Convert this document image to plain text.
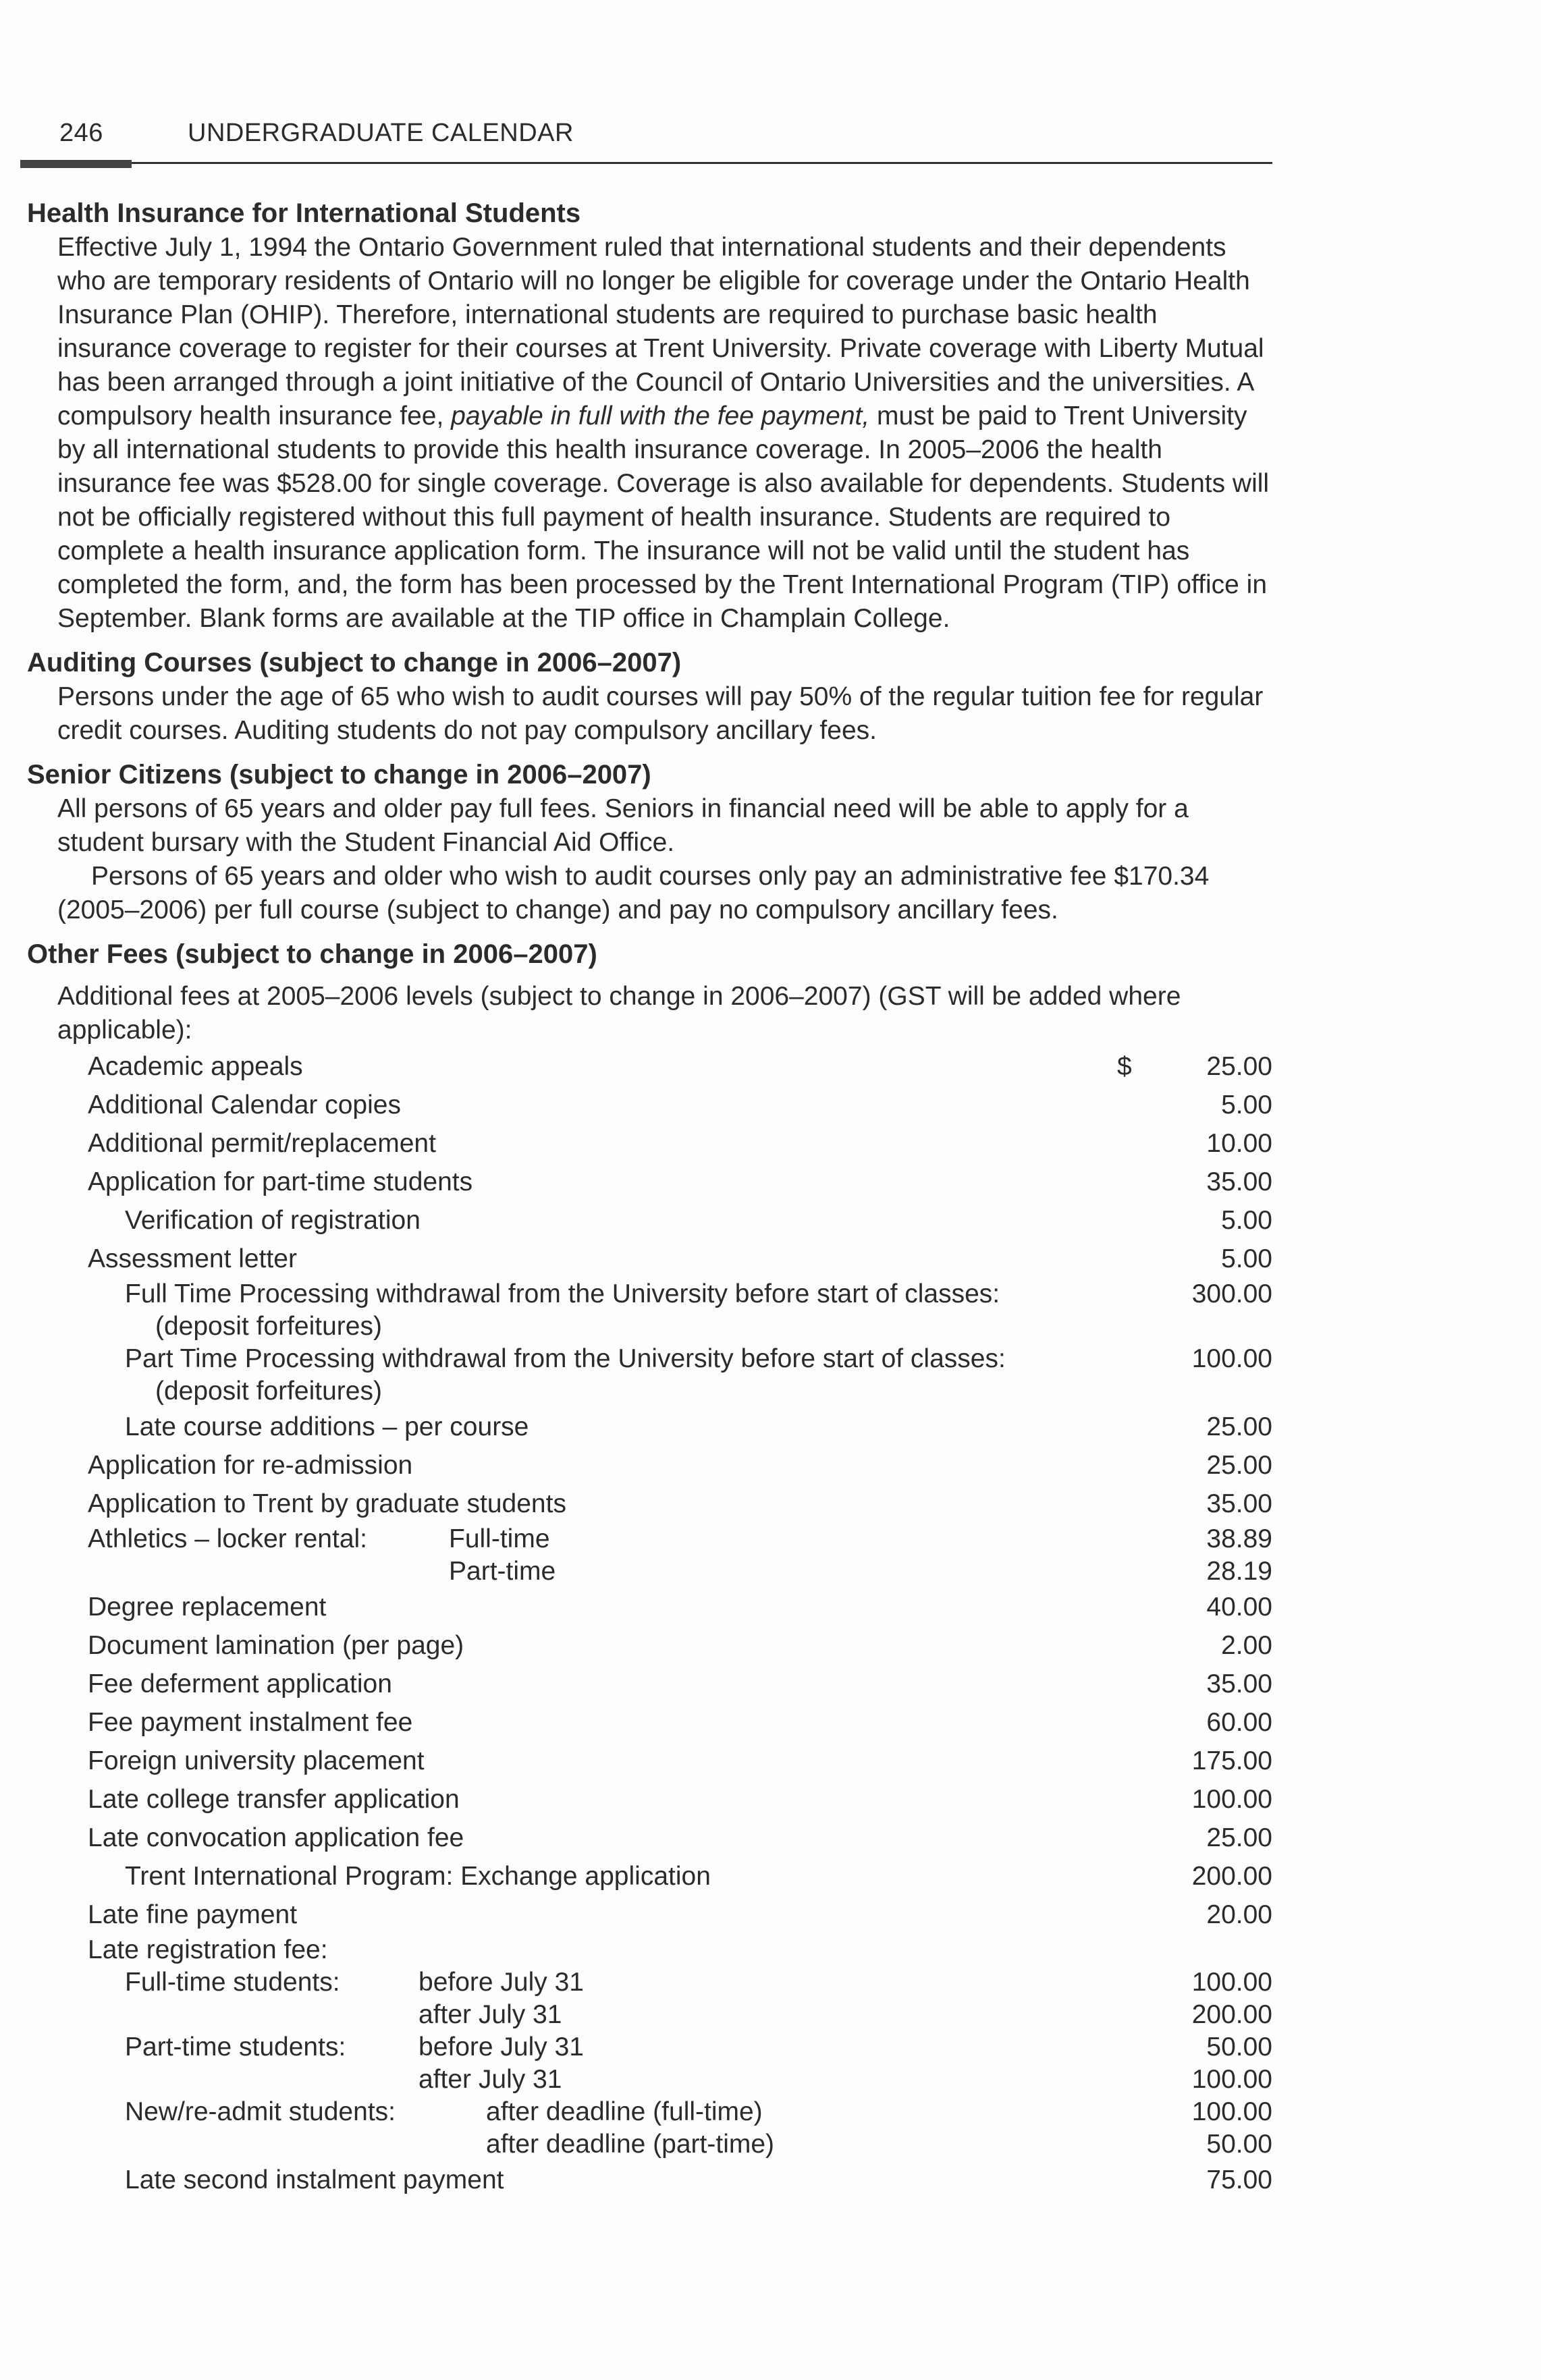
246	UNDERGRADUATE CALENDAR

Health Insurance for International Students

Effective July 1, 1994 the Ontario Government ruled that international students and their dependents who are temporary residents of Ontario will no longer be eligible for coverage under the Ontario Health Insurance Plan (OHIP). Therefore, international students are required to purchase basic health insurance coverage to register for their courses at Trent University. Private coverage with Liberty Mutual has been arranged through a joint initiative of the Council of Ontario Universities and the universities. A compulsory health insurance fee, payable in full with the fee payment, must be paid to Trent University by all international students to provide this health insurance coverage. In 2005–2006 the health insurance fee was $528.00 for single coverage. Coverage is also available for dependents. Students will not be officially registered without this full payment of health insurance. Students are required to complete a health insurance application form. The insurance will not be valid until the student has completed the form, and, the form has been processed by the Trent International Program (TIP) office in September. Blank forms are available at the TIP office in Champlain College.

Auditing Courses (subject to change in 2006–2007)

Persons under the age of 65 who wish to audit courses will pay 50% of the regular tuition fee for regular credit courses. Auditing students do not pay compulsory ancillary fees.

Senior Citizens (subject to change in 2006–2007)

All persons of 65 years and older pay full fees. Seniors in financial need will be able to apply for a student bursary with the Student Financial Aid Office.

Persons of 65 years and older who wish to audit courses only pay an administrative fee $170.34 (2005–2006) per full course (subject to change) and pay no compulsory ancillary fees.

Other Fees (subject to change in 2006–2007)

Additional fees at 2005–2006 levels (subject to change in 2006–2007) (GST will be added where applicable):

Academic appeals	$	25.00
Additional Calendar copies	5.00
Additional permit/replacement	10.00
Application for part-time students	35.00
Verification of registration	5.00
Assessment letter	5.00
Full Time Processing withdrawal from the University before start of classes:	300.00
(deposit forfeitures)
Part Time Processing withdrawal from the University before start of classes:	100.00
(deposit forfeitures)
Late course additions – per course	25.00
Application for re-admission	25.00
Application to Trent by graduate students	35.00
Athletics – locker rental:	Full-time	38.89
Part-time	28.19
Degree replacement	40.00
Document lamination (per page)	2.00
Fee deferment application	35.00
Fee payment instalment fee	60.00
Foreign university placement	175.00
Late college transfer application	100.00
Late convocation application fee	25.00
Trent International Program: Exchange application	200.00
Late fine payment	20.00
Late registration fee:
Full-time students:	before July 31	100.00
after July 31	200.00
Part-time students:	before July 31	50.00
after July 31	100.00
New/re-admit students:	after deadline (full-time)	100.00
after deadline (part-time)	50.00
Late second instalment payment	75.00
